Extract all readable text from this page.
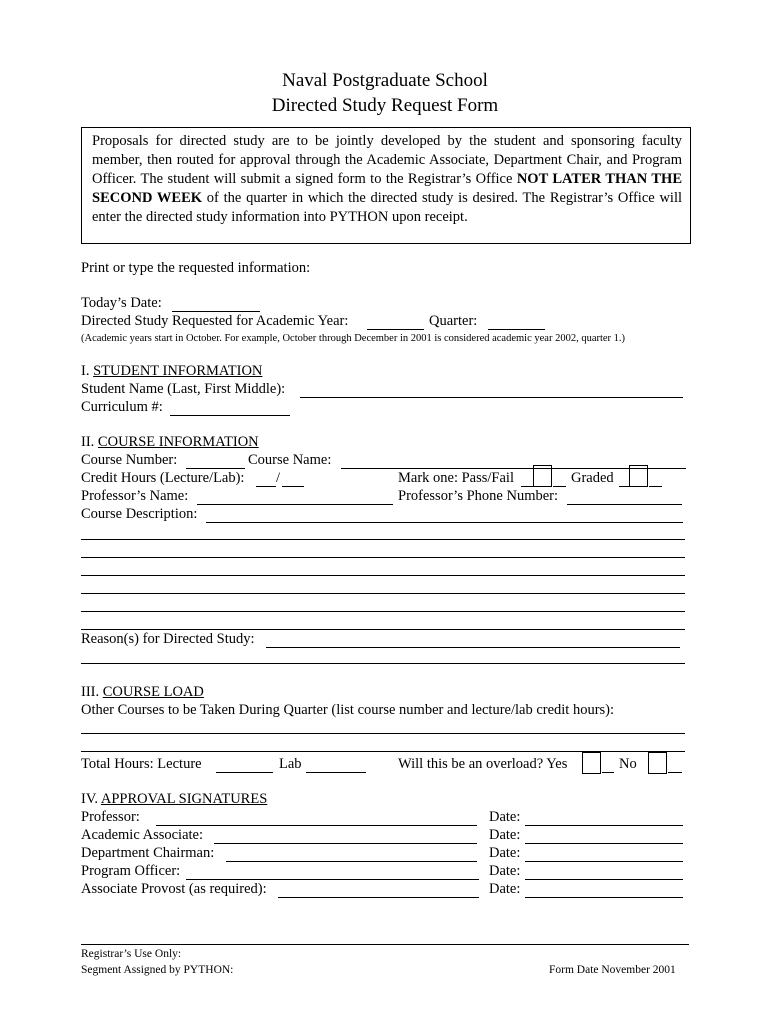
Naval Postgraduate School
Directed Study Request Form
Proposals for directed study are to be jointly developed by the student and sponsoring faculty member, then routed for approval through the Academic Associate, Department Chair, and Program Officer. The student will submit a signed form to the Registrar’s Office NOT LATER THAN THE SECOND WEEK of the quarter in which the directed study is desired. The Registrar’s Office will enter the directed study information into PYTHON upon receipt.
Print or type the requested information:
Today’s Date:
Directed Study Requested for Academic Year:	Quarter:
(Academic years start in October. For example, October through December in 2001 is considered academic year 2002, quarter 1.)
I. STUDENT INFORMATION
Student Name (Last, First Middle):
Curriculum #:
II. COURSE INFORMATION
Course Number:	Course Name:
Credit Hours (Lecture/Lab): /	Mark one: Pass/Fail	Graded
Professor’s Name:	Professor’s Phone Number:
Course Description:
Reason(s) for Directed Study:
III. COURSE LOAD
Other Courses to be Taken During Quarter (list course number and lecture/lab credit hours):
Total Hours: Lecture	Lab	Will this be an overload? Yes	No
IV. APPROVAL SIGNATURES
Professor:	Date:
Academic Associate:	Date:
Department Chairman:	Date:
Program Officer:	Date:
Associate Provost (as required):	Date:
Registrar’s Use Only:
Segment Assigned by PYTHON:	Form Date November 2001
